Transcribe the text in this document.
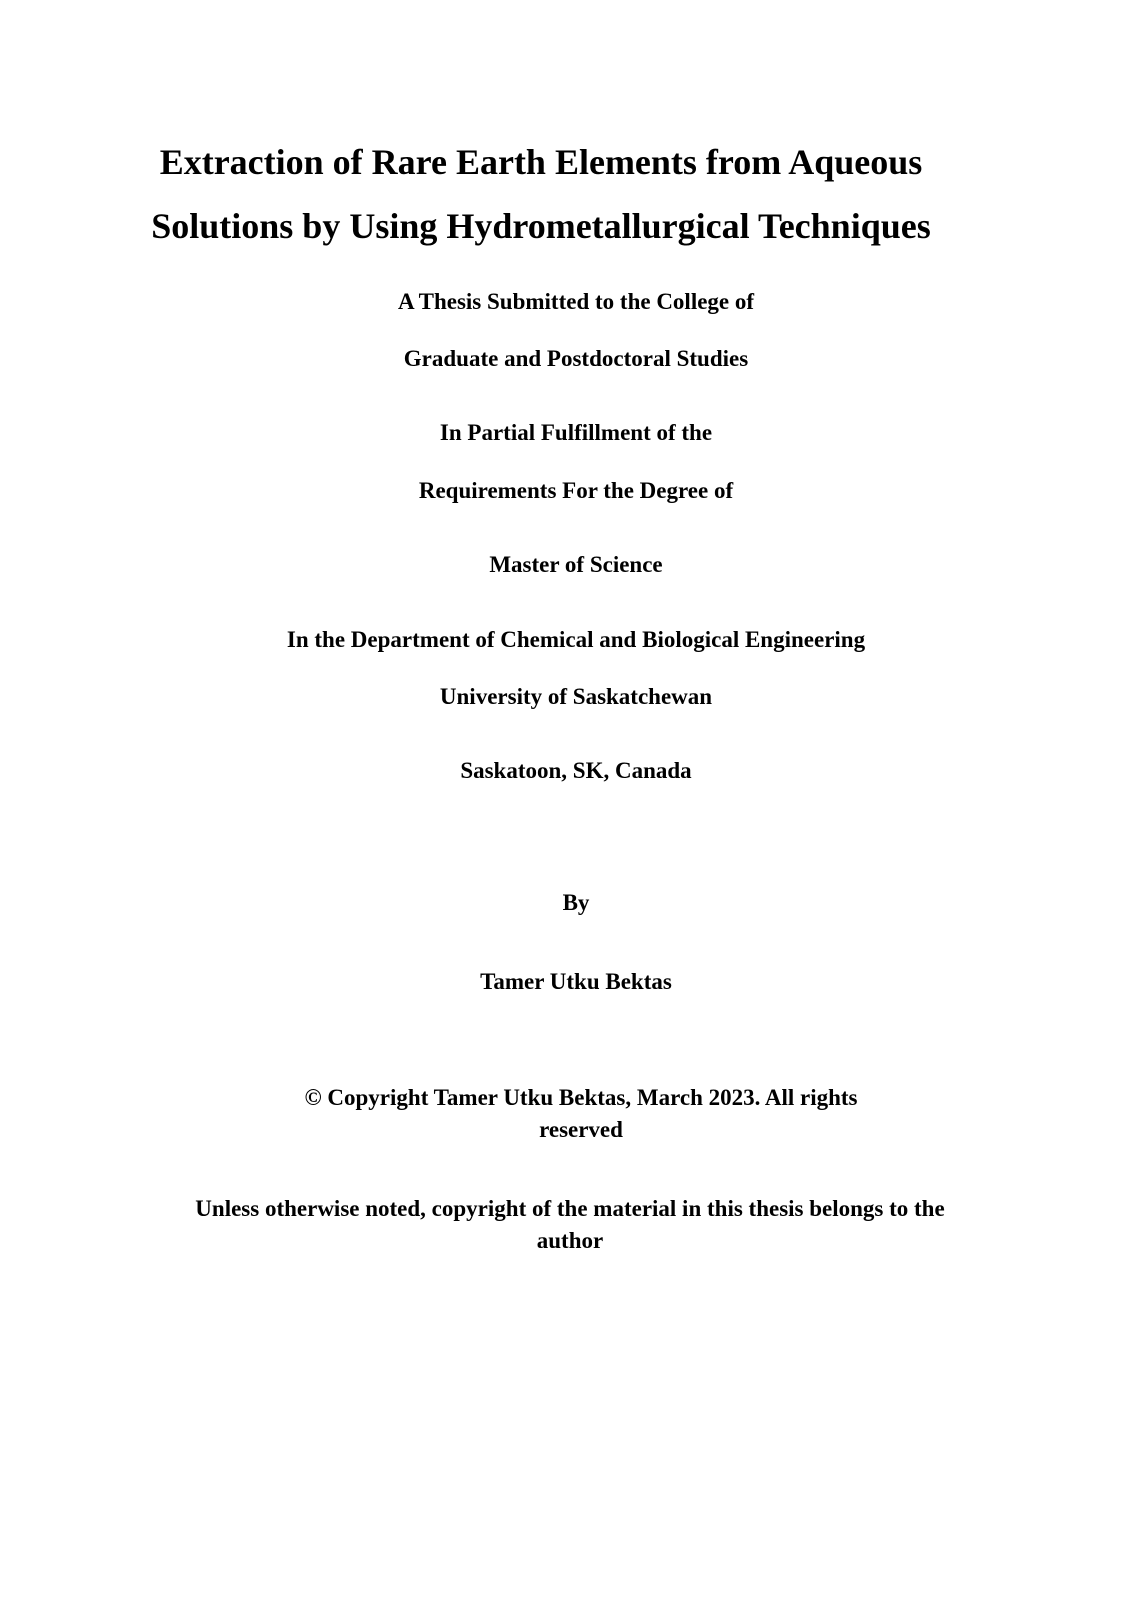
Extraction of Rare Earth Elements from Aqueous
Solutions by Using Hydrometallurgical Techniques
A Thesis Submitted to the College of
Graduate and Postdoctoral Studies
In Partial Fulfillment of the
Requirements For the Degree of
Master of Science
In the Department of Chemical and Biological Engineering
University of Saskatchewan
Saskatoon, SK, Canada
By
Tamer Utku Bektas
© Copyright Tamer Utku Bektas, March 2023. All rights reserved
Unless otherwise noted, copyright of the material in this thesis belongs to the author
